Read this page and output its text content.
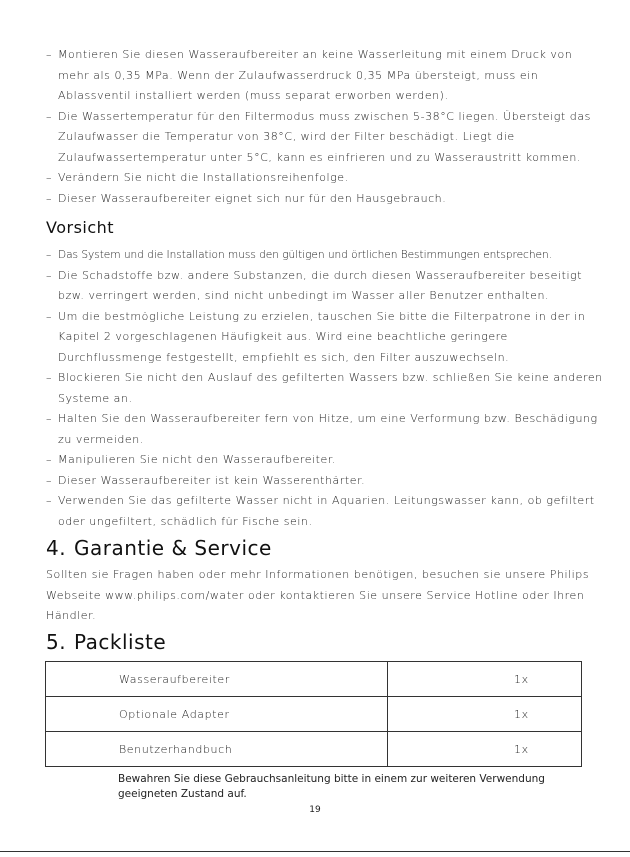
– Montieren Sie diesen Wasseraufbereiter an keine Wasserleitung mit einem Druck von mehr als 0,35 MPa. Wenn der Zulaufwasserdruck 0,35 MPa übersteigt, muss ein Ablassventil installiert werden (muss separat erworben werden).
– Die Wassertemperatur für den Filtermodus muss zwischen 5-38°C liegen. Übersteigt das Zulaufwasser die Temperatur von 38°C, wird der Filter beschädigt. Liegt die Zulaufwassertemperatur unter 5°C, kann es einfrieren und zu Wasseraustritt kommen.
– Verändern Sie nicht die Installationsreihenfolge.
– Dieser Wasseraufbereiter eignet sich nur für den Hausgebrauch.
Vorsicht
– Das System und die Installation muss den gültigen und örtlichen Bestimmungen entsprechen.
– Die Schadstoffe bzw. andere Substanzen, die durch diesen Wasseraufbereiter beseitigt bzw. verringert werden, sind nicht unbedingt im Wasser aller Benutzer enthalten.
– Um die bestmögliche Leistung zu erzielen, tauschen Sie bitte die Filterpatrone in der in Kapitel 2 vorgeschlagenen Häufigkeit aus. Wird eine beachtliche geringere Durchflussmenge festgestellt, empfiehlt es sich, den Filter auszuwechseln.
– Blockieren Sie nicht den Auslauf des gefilterten Wassers bzw. schließen Sie keine anderen Systeme an.
– Halten Sie den Wasseraufbereiter fern von Hitze, um eine Verformung bzw. Beschädigung zu vermeiden.
– Manipulieren Sie nicht den Wasseraufbereiter.
– Dieser Wasseraufbereiter ist kein Wasserenthärter.
– Verwenden Sie das gefilterte Wasser nicht in Aquarien. Leitungswasser kann, ob gefiltert oder ungefiltert, schädlich für Fische sein.
4. Garantie & Service

Sollten sie Fragen haben oder mehr Informationen benötigen, besuchen sie unsere Philips Webseite www.philips.com/water oder kontaktieren Sie unsere Service Hotline oder Ihren Händler.

5. Packliste
Wasseraufbereiter	1x
Optionale Adapter	1x
Benutzerhandbuch	1x

Bewahren Sie diese Gebrauchsanleitung bitte in einem zur weiteren Verwendung geeigneten Zustand auf.

19
